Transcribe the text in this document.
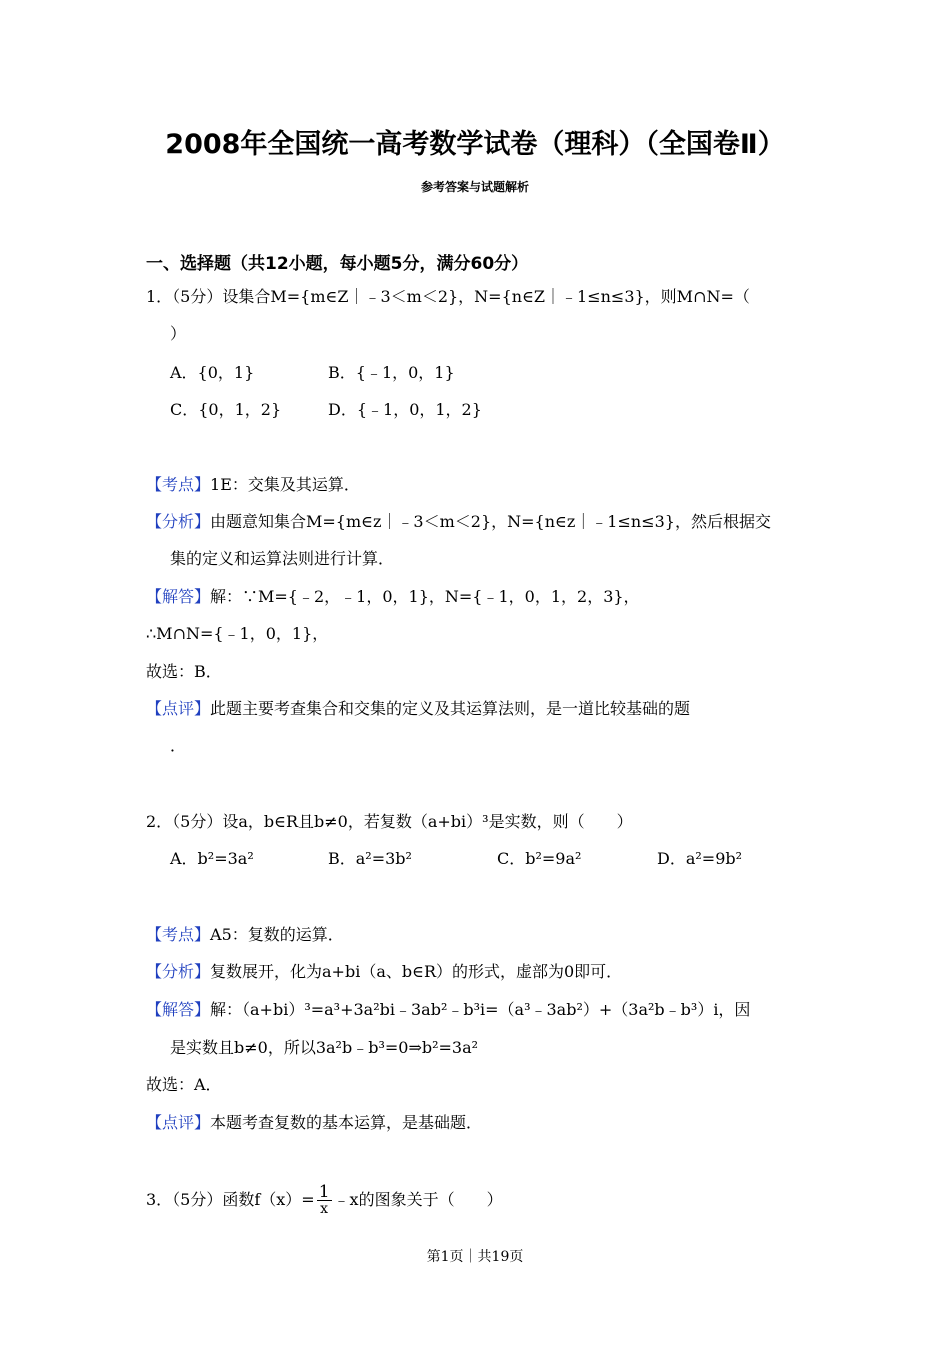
2008年全国统一高考数学试卷（理科）（全国卷Ⅱ）
参考答案与试题解析
一、选择题（共12小题，每小题5分，满分60分）
1．（5分）设集合M={m∈Z｜﹣3＜m＜2}，N={n∈Z｜﹣1≤n≤3}，则M∩N=（
）
A．{0，1}	B．{﹣1，0，1}
C．{0，1，2}	D．{﹣1，0，1，2}
【考点】1E：交集及其运算．
【分析】由题意知集合M={m∈z｜﹣3＜m＜2}，N={n∈z｜﹣1≤n≤3}，然后根据交
集的定义和运算法则进行计算．
【解答】解：∵M={﹣2，﹣1，0，1}，N={﹣1，0，1，2，3}，
∴M∩N={﹣1，0，1}，
故选：B．
【点评】此题主要考查集合和交集的定义及其运算法则，是一道比较基础的题
．
2．（5分）设a，b∈R且b≠0，若复数（a+bi）³是实数，则（　　）
A．b²=3a²	B．a²=3b²	C．b²=9a²	D．a²=9b²
【考点】A5：复数的运算．
【分析】复数展开，化为a+bi（a、b∈R）的形式，虚部为0即可．
【解答】解：（a+bi）³=a³+3a²bi﹣3ab²﹣b³i=（a³﹣3ab²）+（3a²b﹣b³）i，因
是实数且b≠0，所以3a²b﹣b³=0⇒b²=3a²
故选：A．
【点评】本题考查复数的基本运算，是基础题．
3．（5分）函数$f(x)= \frac{1}{x}$ ﹣x的图象关于（　　）
第1页｜共19页
